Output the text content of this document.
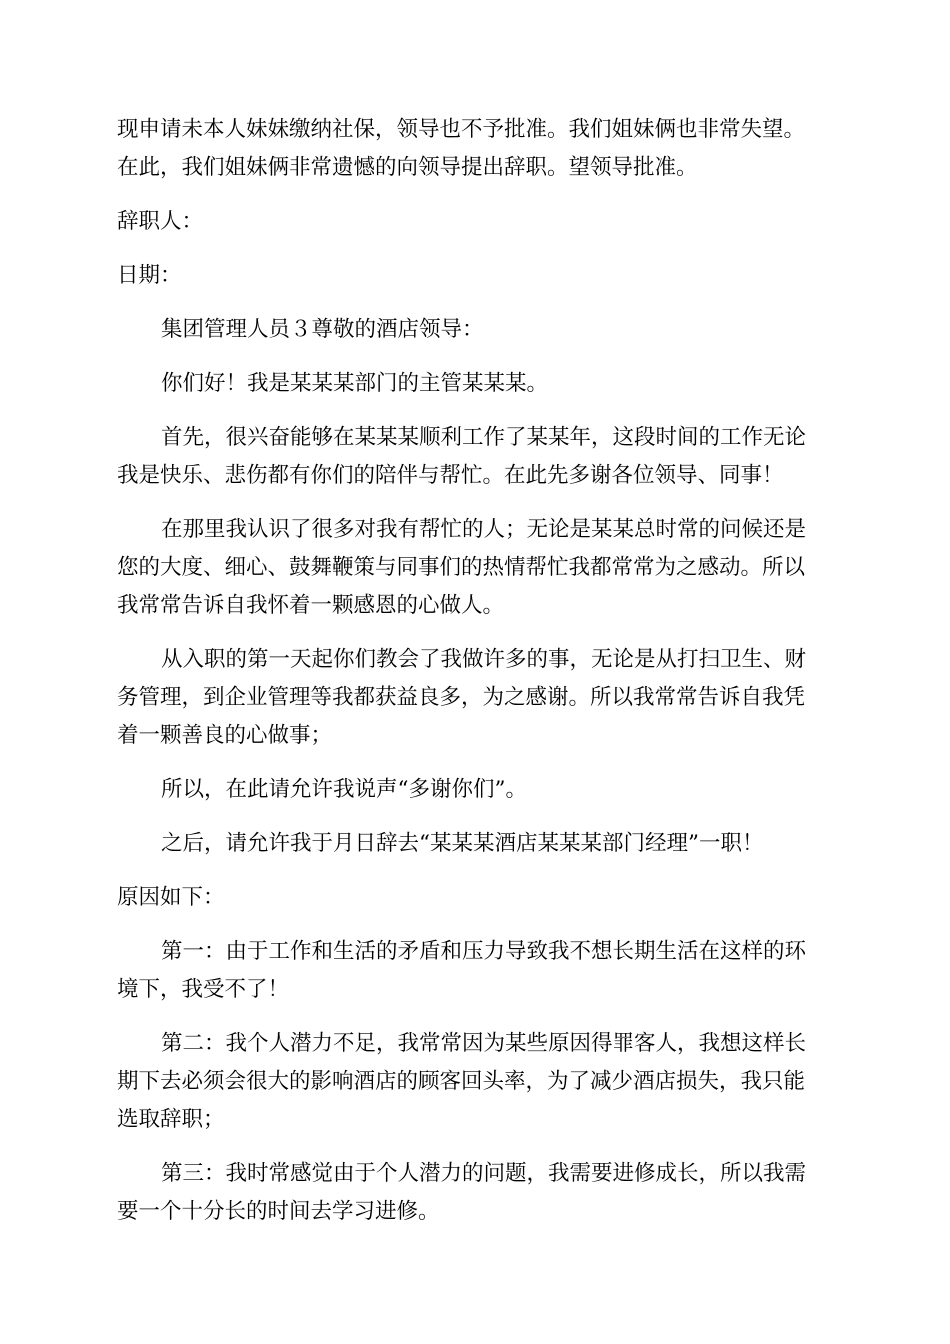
现申请未本人妹妹缴纳社保，领导也不予批准。我们姐妹俩也非常失望。
在此，我们姐妹俩非常遗憾的向领导提出辞职。望领导批准。
辞职人：
日期：
集团管理人员３尊敬的酒店领导：
你们好！我是某某某部门的主管某某某。
首先，很兴奋能够在某某某顺利工作了某某年，这段时间的工作无论
我是快乐、悲伤都有你们的陪伴与帮忙。在此先多谢各位领导、同事！
在那里我认识了很多对我有帮忙的人；无论是某某总时常的问候还是
您的大度、细心、鼓舞鞭策与同事们的热情帮忙我都常常为之感动。所以
我常常告诉自我怀着一颗感恩的心做人。
从入职的第一天起你们教会了我做许多的事，无论是从打扫卫生、财
务管理，到企业管理等我都获益良多，为之感谢。所以我常常告诉自我凭
着一颗善良的心做事；
所以，在此请允许我说声“多谢你们”。
之后，请允许我于月日辞去“某某某酒店某某某部门经理”一职！
原因如下：
第一：由于工作和生活的矛盾和压力导致我不想长期生活在这样的环
境下，我受不了！
第二：我个人潜力不足，我常常因为某些原因得罪客人，我想这样长
期下去必须会很大的影响酒店的顾客回头率，为了减少酒店损失，我只能
选取辞职；
第三：我时常感觉由于个人潜力的问题，我需要进修成长，所以我需
要一个十分长的时间去学习进修。
